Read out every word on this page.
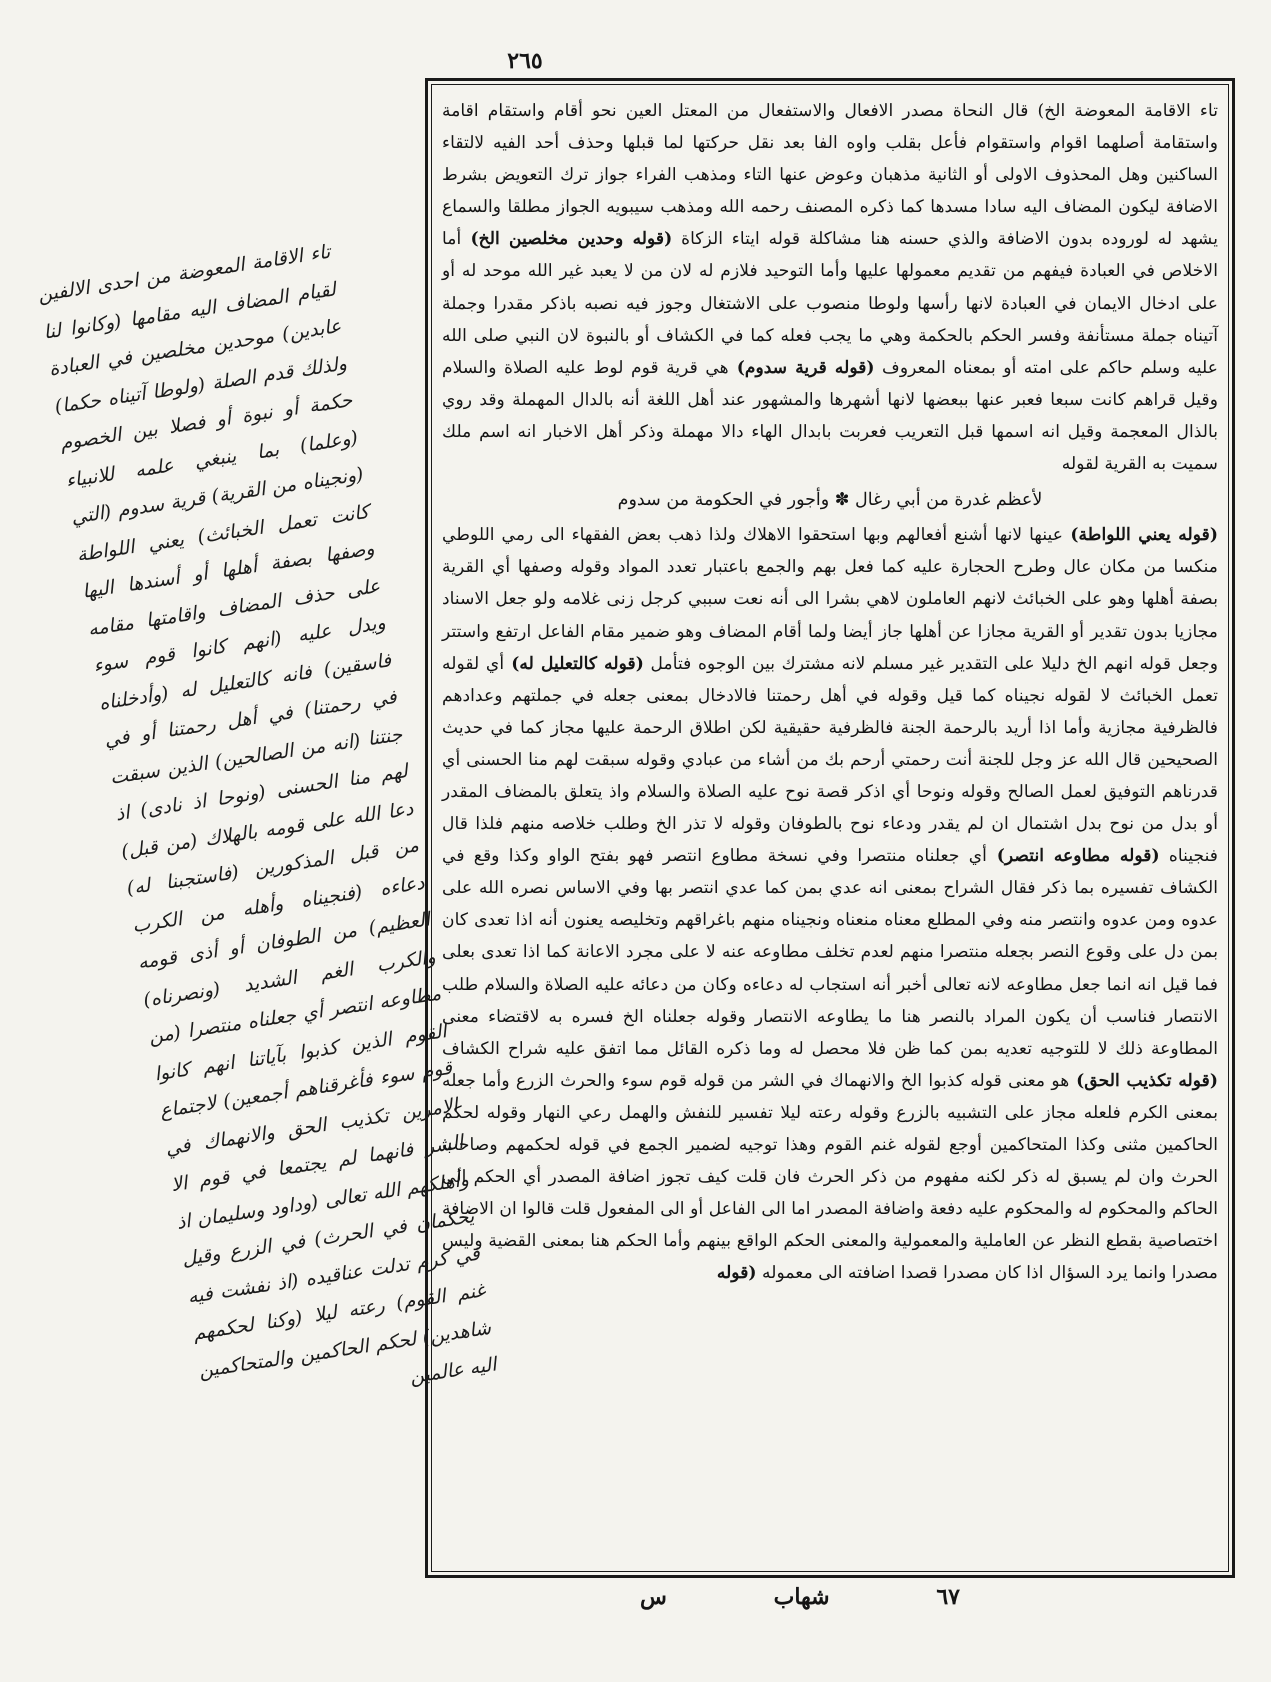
٢٦٥

تاء الاقامة المعوضة من احدى الالفين لقيام المضاف اليه مقامها (وكانوا لنا عابدين) موحدين مخلصين في العبادة ولذلك قدم الصلة (ولوطا آتيناه حكما) حكمة أو نبوة أو فصلا بين الخصوم (وعلما) بما ينبغي علمه للانبياء (ونجيناه من القرية) قرية سدوم (التي كانت تعمل الخبائث) يعني اللواطة وصفها بصفة أهلها أو أسندها اليها على حذف المضاف واقامتها مقامه ويدل عليه (انهم كانوا قوم سوء فاسقين) فانه كالتعليل له (وأدخلناه في رحمتنا) في أهل رحمتنا أو في جنتنا (انه من الصالحين) الذين سبقت لهم منا الحسنى (ونوحا اذ نادى) اذ دعا الله على قومه بالهلاك (من قبل) من قبل المذكورين (فاستجبنا له) دعاءه (فنجيناه وأهله من الكرب العظيم) من الطوفان أو أذى قومه والكرب الغم الشديد (ونصرناه) مطاوعه انتصر أي جعلناه منتصرا (من القوم الذين كذبوا بآياتنا انهم كانوا قوم سوء فأغرقناهم أجمعين) لاجتماع الامرين تكذيب الحق والانهماك في الشر فانهما لم يجتمعا في قوم الا وأهلكهم الله تعالى (وداود وسليمان اذ يحكمان في الحرث) في الزرع وقيل في كرم تدلت عناقيده (اذ نفشت فيه غنم القوم) رعته ليلا (وكنا لحكمهم شاهدين) لحكم الحاكمين والمتحاكمين اليه عالمين

تاء الاقامة المعوضة الخ) قال النحاة مصدر الافعال والاستفعال من المعتل العين نحو أقام واستقام اقامة واستقامة أصلهما اقوام واستقوام فأعل بقلب واوه الفا بعد نقل حركتها لما قبلها وحذف أحد الفيه لالتقاء الساكنين وهل المحذوف الاولى أو الثانية مذهبان وعوض عنها التاء ومذهب الفراء جواز ترك التعويض بشرط الاضافة ليكون المضاف اليه سادا مسدها كما ذكره المصنف رحمه الله ومذهب سيبويه الجواز مطلقا والسماع يشهد له لوروده بدون الاضافة والذي حسنه هنا مشاكلة قوله ايتاء الزكاة (قوله وحدين مخلصين الخ) أما الاخلاص في العبادة فيفهم من تقديم معمولها عليها وأما التوحيد فلازم له لان من لا يعبد غير الله موحد له أو على ادخال الايمان في العبادة لانها رأسها ولوطا منصوب على الاشتغال وجوز فيه نصبه باذكر مقدرا وجملة آتيناه جملة مستأنفة وفسر الحكم بالحكمة وهي ما يجب فعله كما في الكشاف أو بالنبوة لان النبي صلى الله عليه وسلم حاكم على امته أو بمعناه المعروف (قوله قرية سدوم) هي قرية قوم لوط عليه الصلاة والسلام وقيل قراهم كانت سبعا فعبر عنها ببعضها لانها أشهرها والمشهور عند أهل اللغة أنه بالدال المهملة وقد روي بالذال المعجمة وقيل انه اسمها قبل التعريب فعربت بابدال الهاء دالا مهملة وذكر أهل الاخبار انه اسم ملك سميت به القرية لقوله

لأعظم غدرة من أبي رغال ✽ وأجور في الحكومة من سدوم

(قوله يعني اللواطة) عينها لانها أشنع أفعالهم وبها استحقوا الاهلاك ولذا ذهب بعض الفقهاء الى رمي اللوطي منكسا من مكان عال وطرح الحجارة عليه كما فعل بهم والجمع باعتبار تعدد المواد وقوله وصفها أي القرية بصفة أهلها وهو على الخبائث لانهم العاملون لاهي بشرا الى أنه نعت سببي كرجل زنى غلامه ولو جعل الاسناد مجازيا بدون تقدير أو القرية مجازا عن أهلها جاز أيضا ولما أقام المضاف وهو ضمير مقام الفاعل ارتفع واستتر وجعل قوله انهم الخ دليلا على التقدير غير مسلم لانه مشترك بين الوجوه فتأمل (قوله كالتعليل له) أي لقوله تعمل الخبائث لا لقوله نجيناه كما قيل وقوله في أهل رحمتنا فالادخال بمعنى جعله في جملتهم وعدادهم فالظرفية مجازية وأما اذا أريد بالرحمة الجنة فالظرفية حقيقية لكن اطلاق الرحمة عليها مجاز كما في حديث الصحيحين قال الله عز وجل للجنة أنت رحمتي أرحم بك من أشاء من عبادي وقوله سبقت لهم منا الحسنى أي قدرناهم التوفيق لعمل الصالح وقوله ونوحا أي اذكر قصة نوح عليه الصلاة والسلام واذ يتعلق بالمضاف المقدر أو بدل من نوح بدل اشتمال ان لم يقدر ودعاء نوح بالطوفان وقوله لا تذر الخ وطلب خلاصه منهم فلذا قال فنجيناه (قوله مطاوعه انتصر) أي جعلناه منتصرا وفي نسخة مطاوع انتصر فهو بفتح الواو وكذا وقع في الكشاف تفسيره بما ذكر فقال الشراح بمعنى انه عدي بمن كما عدي انتصر بها وفي الاساس نصره الله على عدوه ومن عدوه وانتصر منه وفي المطلع معناه منعناه ونجيناه منهم باغراقهم وتخليصه يعنون أنه اذا تعدى كان بمن دل على وقوع النصر بجعله منتصرا منهم لعدم تخلف مطاوعه عنه لا على مجرد الاعانة كما اذا تعدى بعلى فما قيل انه انما جعل مطاوعه لانه تعالى أخبر أنه استجاب له دعاءه وكان من دعائه عليه الصلاة والسلام طلب الانتصار فناسب أن يكون المراد بالنصر هنا ما يطاوعه الانتصار وقوله جعلناه الخ فسره به لاقتضاء معنى المطاوعة ذلك لا للتوجيه تعديه بمن كما ظن فلا محصل له وما ذكره القائل مما اتفق عليه شراح الكشاف (قوله تكذيب الحق) هو معنى قوله كذبوا الخ والانهماك في الشر من قوله قوم سوء والحرث الزرع وأما جعله بمعنى الكرم فلعله مجاز على التشبيه بالزرع وقوله رعته ليلا تفسير للنفش والهمل رعي النهار وقوله لحكم الحاكمين مثنى وكذا المتحاكمين أوجع لقوله غنم القوم وهذا توجيه لضمير الجمع في قوله لحكمهم وصاحب الحرث وان لم يسبق له ذكر لكنه مفهوم من ذكر الحرث فان قلت كيف تجوز اضافة المصدر أي الحكم الى الحاكم والمحكوم له والمحكوم عليه دفعة واضافة المصدر اما الى الفاعل أو الى المفعول قلت قالوا ان الاضافة اختصاصية بقطع النظر عن العاملية والمعمولية والمعنى الحكم الواقع بينهم وأما الحكم هنا بمعنى القضية وليس مصدرا وانما يرد السؤال اذا كان مصدرا قصدا اضافته الى معموله (قوله

٦٧
شهاب
س
